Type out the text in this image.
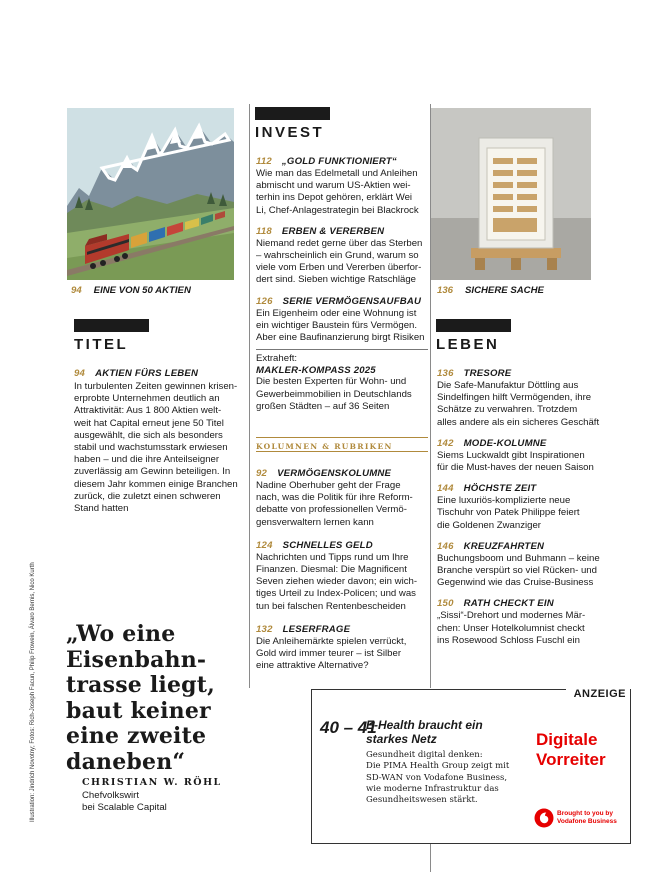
Illustration: Jindrich Novotny; Fotos: Rich-Joseph Facun, Philip Frowein, Álvaro Bernis, Nico Kurth
94 EINE VON 50 AKTIEN	136 SICHERE SACHE
TITEL
94 AKTIEN FÜRS LEBEN
In turbulenten Zeiten gewinnen krisen-
erprobte Unternehmen deutlich an
Attraktivität: Aus 1 800 Aktien welt-
weit hat Capital erneut jene 50 Titel
ausgewählt, die sich als besonders
stabil und wachstumsstark erwiesen
haben – und die ihre Anteilseigner
zuverlässig am Gewinn beteiligen. In
diesem Jahr kommen einige Branchen
zurück, die zuletzt einen schweren
Stand hatten
„Wo eine
Eisenbahn-
trasse liegt,
baut keiner
eine zweite
daneben“
CHRISTIAN W. RÖHL
Chefvolkswirt
bei Scalable Capital
INVEST
112 „GOLD FUNKTIONIERT“
Wie man das Edelmetall und Anleihen
abmischt und warum US-Aktien wei-
terhin ins Depot gehören, erklärt Wei
Li, Chef-Anlagestrategin bei Blackrock
118 ERBEN & VERERBEN
Niemand redet gerne über das Sterben
– wahrscheinlich ein Grund, warum so
viele vom Erben und Vererben überfor-
dert sind. Sieben wichtige Ratschläge
126 SERIE VERMÖGENSAUFBAU
Ein Eigenheim oder eine Wohnung ist
ein wichtiger Baustein fürs Vermögen.
Aber eine Baufinanzierung birgt Risiken
Extraheft:
MAKLER-KOMPASS 2025
Die besten Experten für Wohn- und
Gewerbeimmobilien in Deutschlands
großen Städten – auf 36 Seiten
KOLUMNEN & RUBRIKEN
92 VERMÖGENSKOLUMNE
Nadine Oberhuber geht der Frage
nach, was die Politik für ihre Reform-
debatte von professionellen Vermö-
gensverwaltern lernen kann
124 SCHNELLES GELD
Nachrichten und Tipps rund um Ihre
Finanzen. Diesmal: Die Magnificent
Seven ziehen wieder davon; ein wich-
tiges Urteil zu Index-Policen; und was
tun bei falschen Rentenbescheiden
132 LESERFRAGE
Die Anleihemärkte spielen verrückt,
Gold wird immer teurer – ist Silber
eine attraktive Alternative?
LEBEN
136 TRESORE
Die Safe-Manufaktur Döttling aus
Sindelfingen hilft Vermögenden, ihre
Schätze zu verwahren. Trotzdem
alles andere als ein sicheres Geschäft
142 MODE-KOLUMNE
Siems Luckwaldt gibt Inspirationen
für die Must-haves der neuen Saison
144 HÖCHSTE ZEIT
Eine luxuriös-komplizierte neue
Tischuhr von Patek Philippe feiert
die Goldenen Zwanziger
146 KREUZFAHRTEN
Buchungsboom und Buhmann – keine
Branche verspürt so viel Rücken- und
Gegenwind wie das Cruise-Business
150 RATH CHECKT EIN
„Sissi“-Drehort und modernes Mär-
chen: Unser Hotelkolumnist checkt
ins Rosewood Schloss Fuschl ein
ANZEIGE
40 – 41
E-Health braucht ein
starkes Netz
Gesundheit digital denken:
Die PIMA Health Group zeigt mit
SD-WAN von Vodafone Business,
wie moderne Infrastruktur das
Gesundheitswesen stärkt.
Digitale
Vorreiter
Brought to you by
Vodafone Business
